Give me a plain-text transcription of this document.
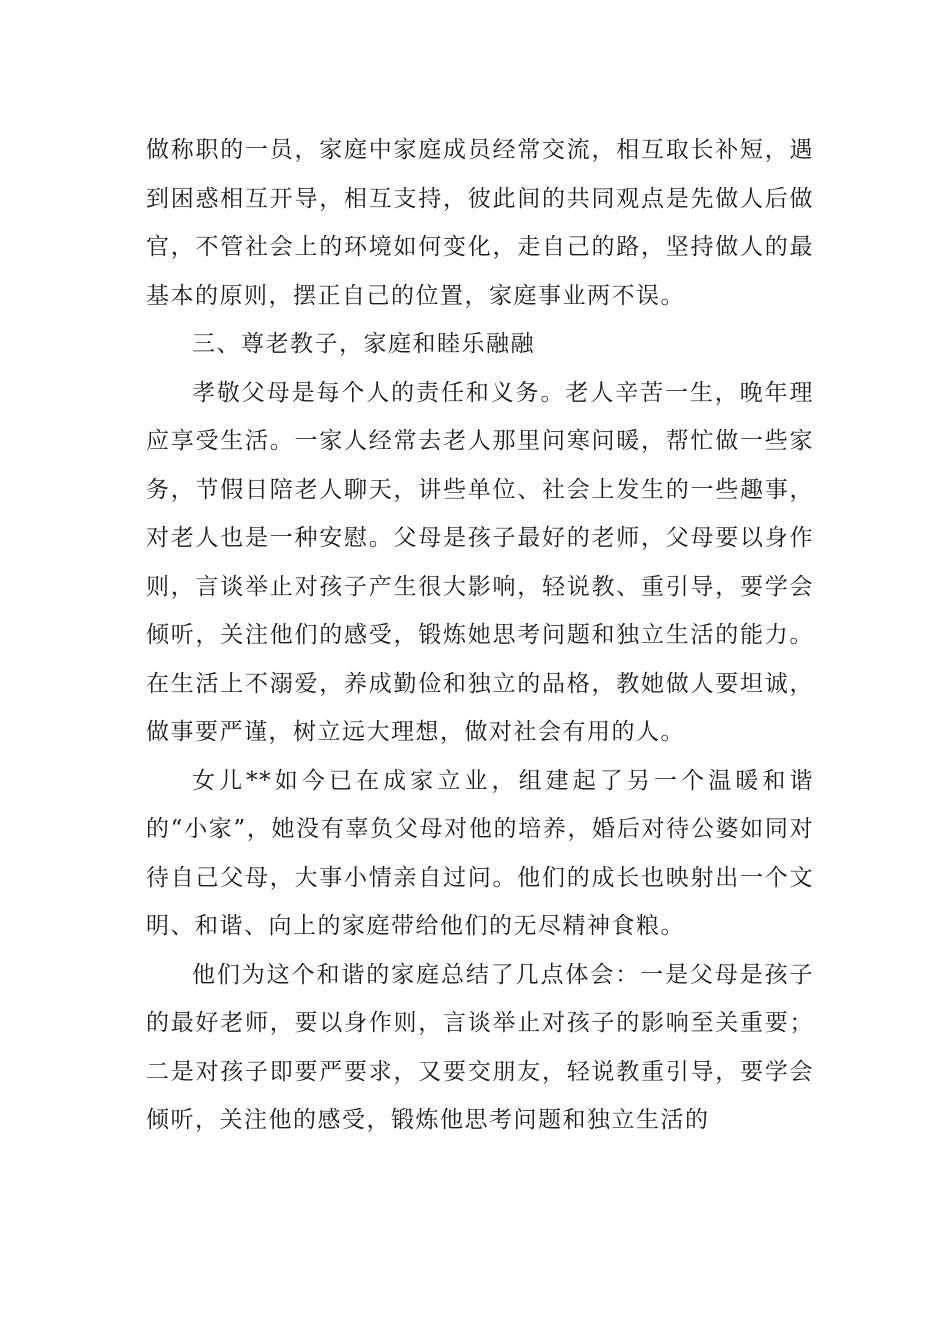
做称职的一员，家庭中家庭成员经常交流，相互取长补短，遇到困惑相互开导，相互支持，彼此间的共同观点是先做人后做官，不管社会上的环境如何变化，走自己的路，坚持做人的最基本的原则，摆正自己的位置，家庭事业两不误。

三、尊老教子，家庭和睦乐融融

孝敬父母是每个人的责任和义务。老人辛苦一生，晚年理应享受生活。一家人经常去老人那里问寒问暖，帮忙做一些家务，节假日陪老人聊天，讲些单位、社会上发生的一些趣事，对老人也是一种安慰。父母是孩子最好的老师，父母要以身作则，言谈举止对孩子产生很大影响，轻说教、重引导，要学会倾听，关注他们的感受，锻炼她思考问题和独立生活的能力。在生活上不溺爱，养成勤俭和独立的品格，教她做人要坦诚，做事要严谨，树立远大理想，做对社会有用的人。

女儿**如今已在成家立业，组建起了另一个温暖和谐的“小家”，她没有辜负父母对他的培养，婚后对待公婆如同对待自己父母，大事小情亲自过问。他们的成长也映射出一个文明、和谐、向上的家庭带给他们的无尽精神食粮。

他们为这个和谐的家庭总结了几点体会：一是父母是孩子的最好老师，要以身作则，言谈举止对孩子的影响至关重要；二是对孩子即要严要求，又要交朋友，轻说教重引导，要学会倾听，关注他的感受，锻炼他思考问题和独立生活的
